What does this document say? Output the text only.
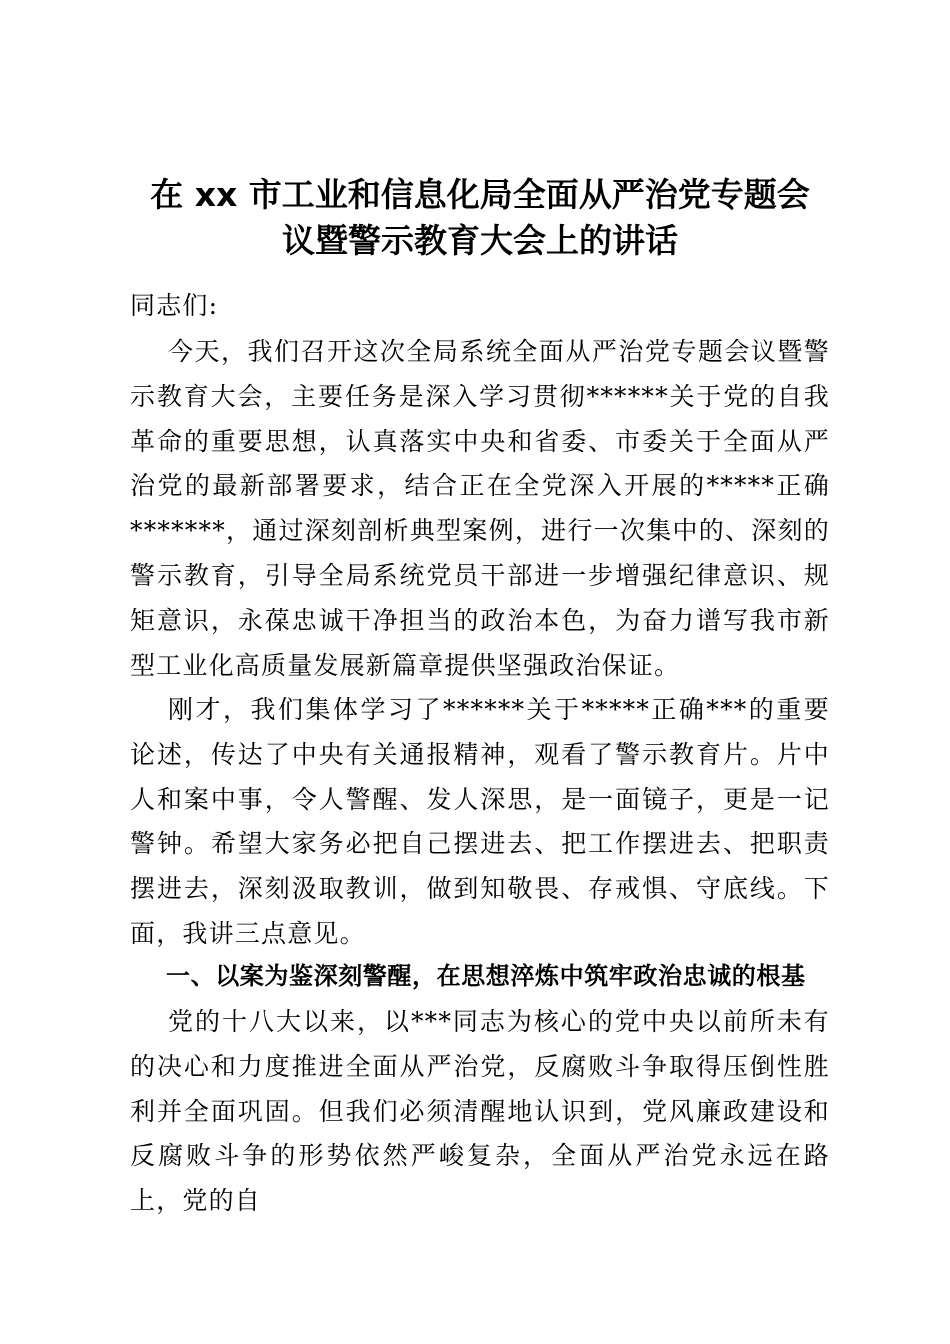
在 xx 市工业和信息化局全面从严治党专题会
议暨警示教育大会上的讲话

同志们:

今天，我们召开这次全局系统全面从严治党专题会议暨警示教育大会，主要任务是深入学习贯彻******关于党的自我革命的重要思想，认真落实中央和省委、市委关于全面从严治党的最新部署要求，结合正在全党深入开展的*****正确*******，通过深刻剖析典型案例，进行一次集中的、深刻的警示教育，引导全局系统党员干部进一步增强纪律意识、规矩意识，永葆忠诚干净担当的政治本色，为奋力谱写我市新型工业化高质量发展新篇章提供坚强政治保证。

刚才，我们集体学习了******关于*****正确***的重要论述，传达了中央有关通报精神，观看了警示教育片。片中人和案中事，令人警醒、发人深思，是一面镜子，更是一记警钟。希望大家务必把自己摆进去、把工作摆进去、把职责摆进去，深刻汲取教训，做到知敬畏、存戒惧、守底线。下面，我讲三点意见。

一、以案为鉴深刻警醒，在思想淬炼中筑牢政治忠诚的根基

党的十八大以来，以***同志为核心的党中央以前所未有的决心和力度推进全面从严治党，反腐败斗争取得压倒性胜利并全面巩固。但我们必须清醒地认识到，党风廉政建设和反腐败斗争的形势依然严峻复杂，全面从严治党永远在路上，党的自
